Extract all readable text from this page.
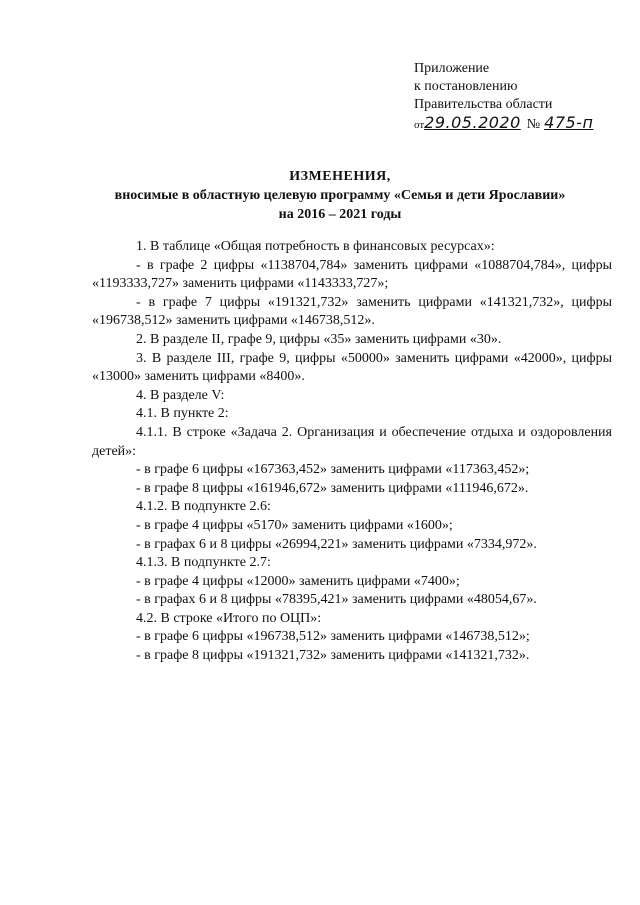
Приложение
к постановлению
Правительства области
от29.05.2020 № 475-п
ИЗМЕНЕНИЯ,
вносимые в областную целевую программу «Семья и дети Ярославии»
на 2016 – 2021 годы

1. В таблице «Общая потребность в финансовых ресурсах»:

- в графе 2 цифры «1138704,784» заменить цифрами «1088704,784», цифры «1193333,727» заменить цифрами «1143333,727»;

- в графе 7 цифры «191321,732» заменить цифрами «141321,732», цифры «196738,512» заменить цифрами «146738,512».

2. В разделе II, графе 9, цифры «35» заменить цифрами «30».

3. В разделе III, графе 9, цифры «50000» заменить цифрами «42000», цифры «13000» заменить цифрами «8400».

4. В разделе V:

4.1. В пункте 2:

4.1.1. В строке «Задача 2. Организация и обеспечение отдыха и оздоровления детей»:

- в графе 6 цифры «167363,452» заменить цифрами «117363,452»;

- в графе 8 цифры «161946,672» заменить цифрами «111946,672».

4.1.2. В подпункте 2.6:

- в графе 4 цифры «5170» заменить цифрами «1600»;

- в графах 6 и 8 цифры «26994,221» заменить цифрами «7334,972».

4.1.3. В подпункте 2.7:

- в графе 4 цифры «12000» заменить цифрами «7400»;

- в графах 6 и 8 цифры «78395,421» заменить цифрами «48054,67».

4.2. В строке «Итого по ОЦП»:

- в графе 6 цифры «196738,512» заменить цифрами «146738,512»;

- в графе 8 цифры «191321,732» заменить цифрами «141321,732».
